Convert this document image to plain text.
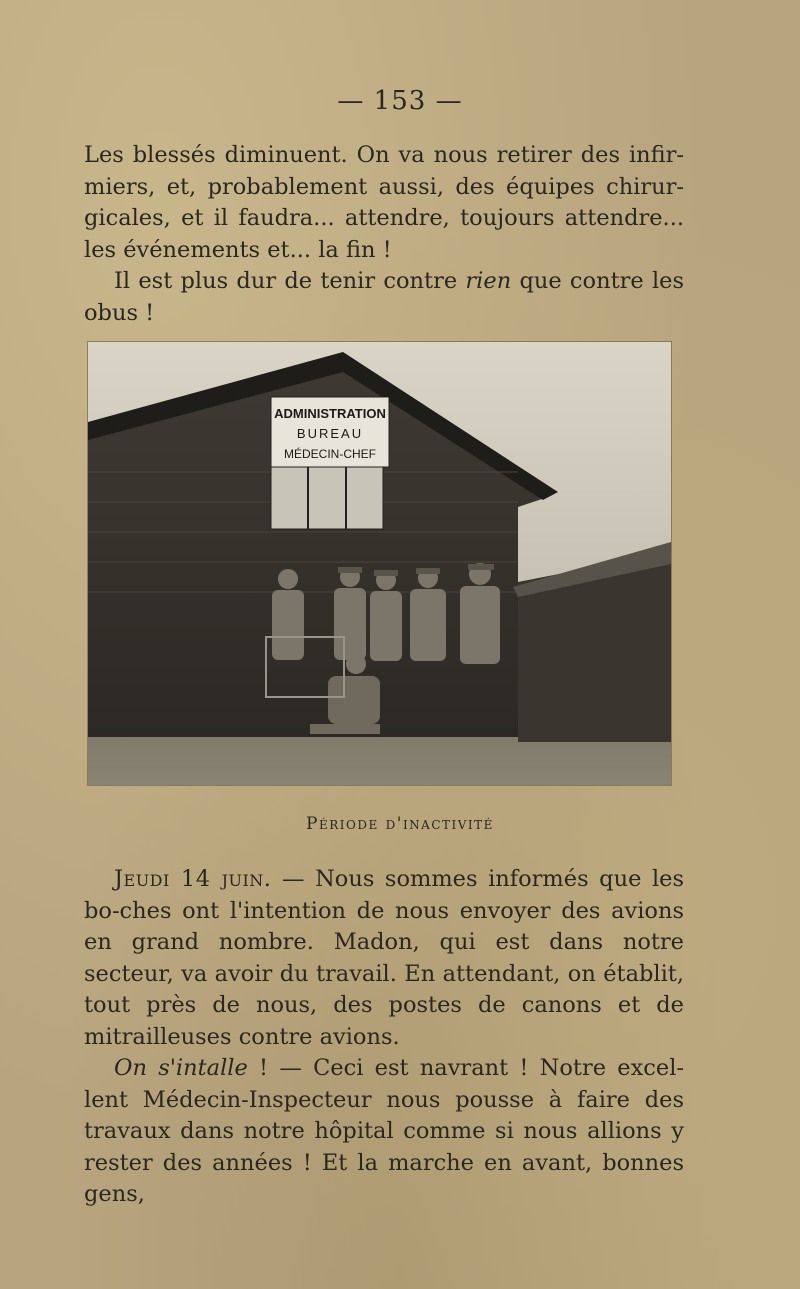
— 153 —

Les blessés diminuent. On va nous retirer des infir-miers, et, probablement aussi, des équipes chirur-gicales, et il faudra... attendre, toujours attendre... les événements et... la fin !

Il est plus dur de tenir contre rien que contre les obus !

ADMINISTRATION
BUREAU
MÉDECIN-CHEF
Période d'inactivité

Jeudi 14 juin. — Nous sommes informés que les bo-ches ont l'intention de nous envoyer des avions en grand nombre. Madon, qui est dans notre secteur, va avoir du travail. En attendant, on établit, tout près de nous, des postes de canons et de mitrailleuses contre avions.

On s'intalle ! — Ceci est navrant ! Notre excel-lent Médecin-Inspecteur nous pousse à faire des travaux dans notre hôpital comme si nous allions y rester des années ! Et la marche en avant, bonnes gens,
